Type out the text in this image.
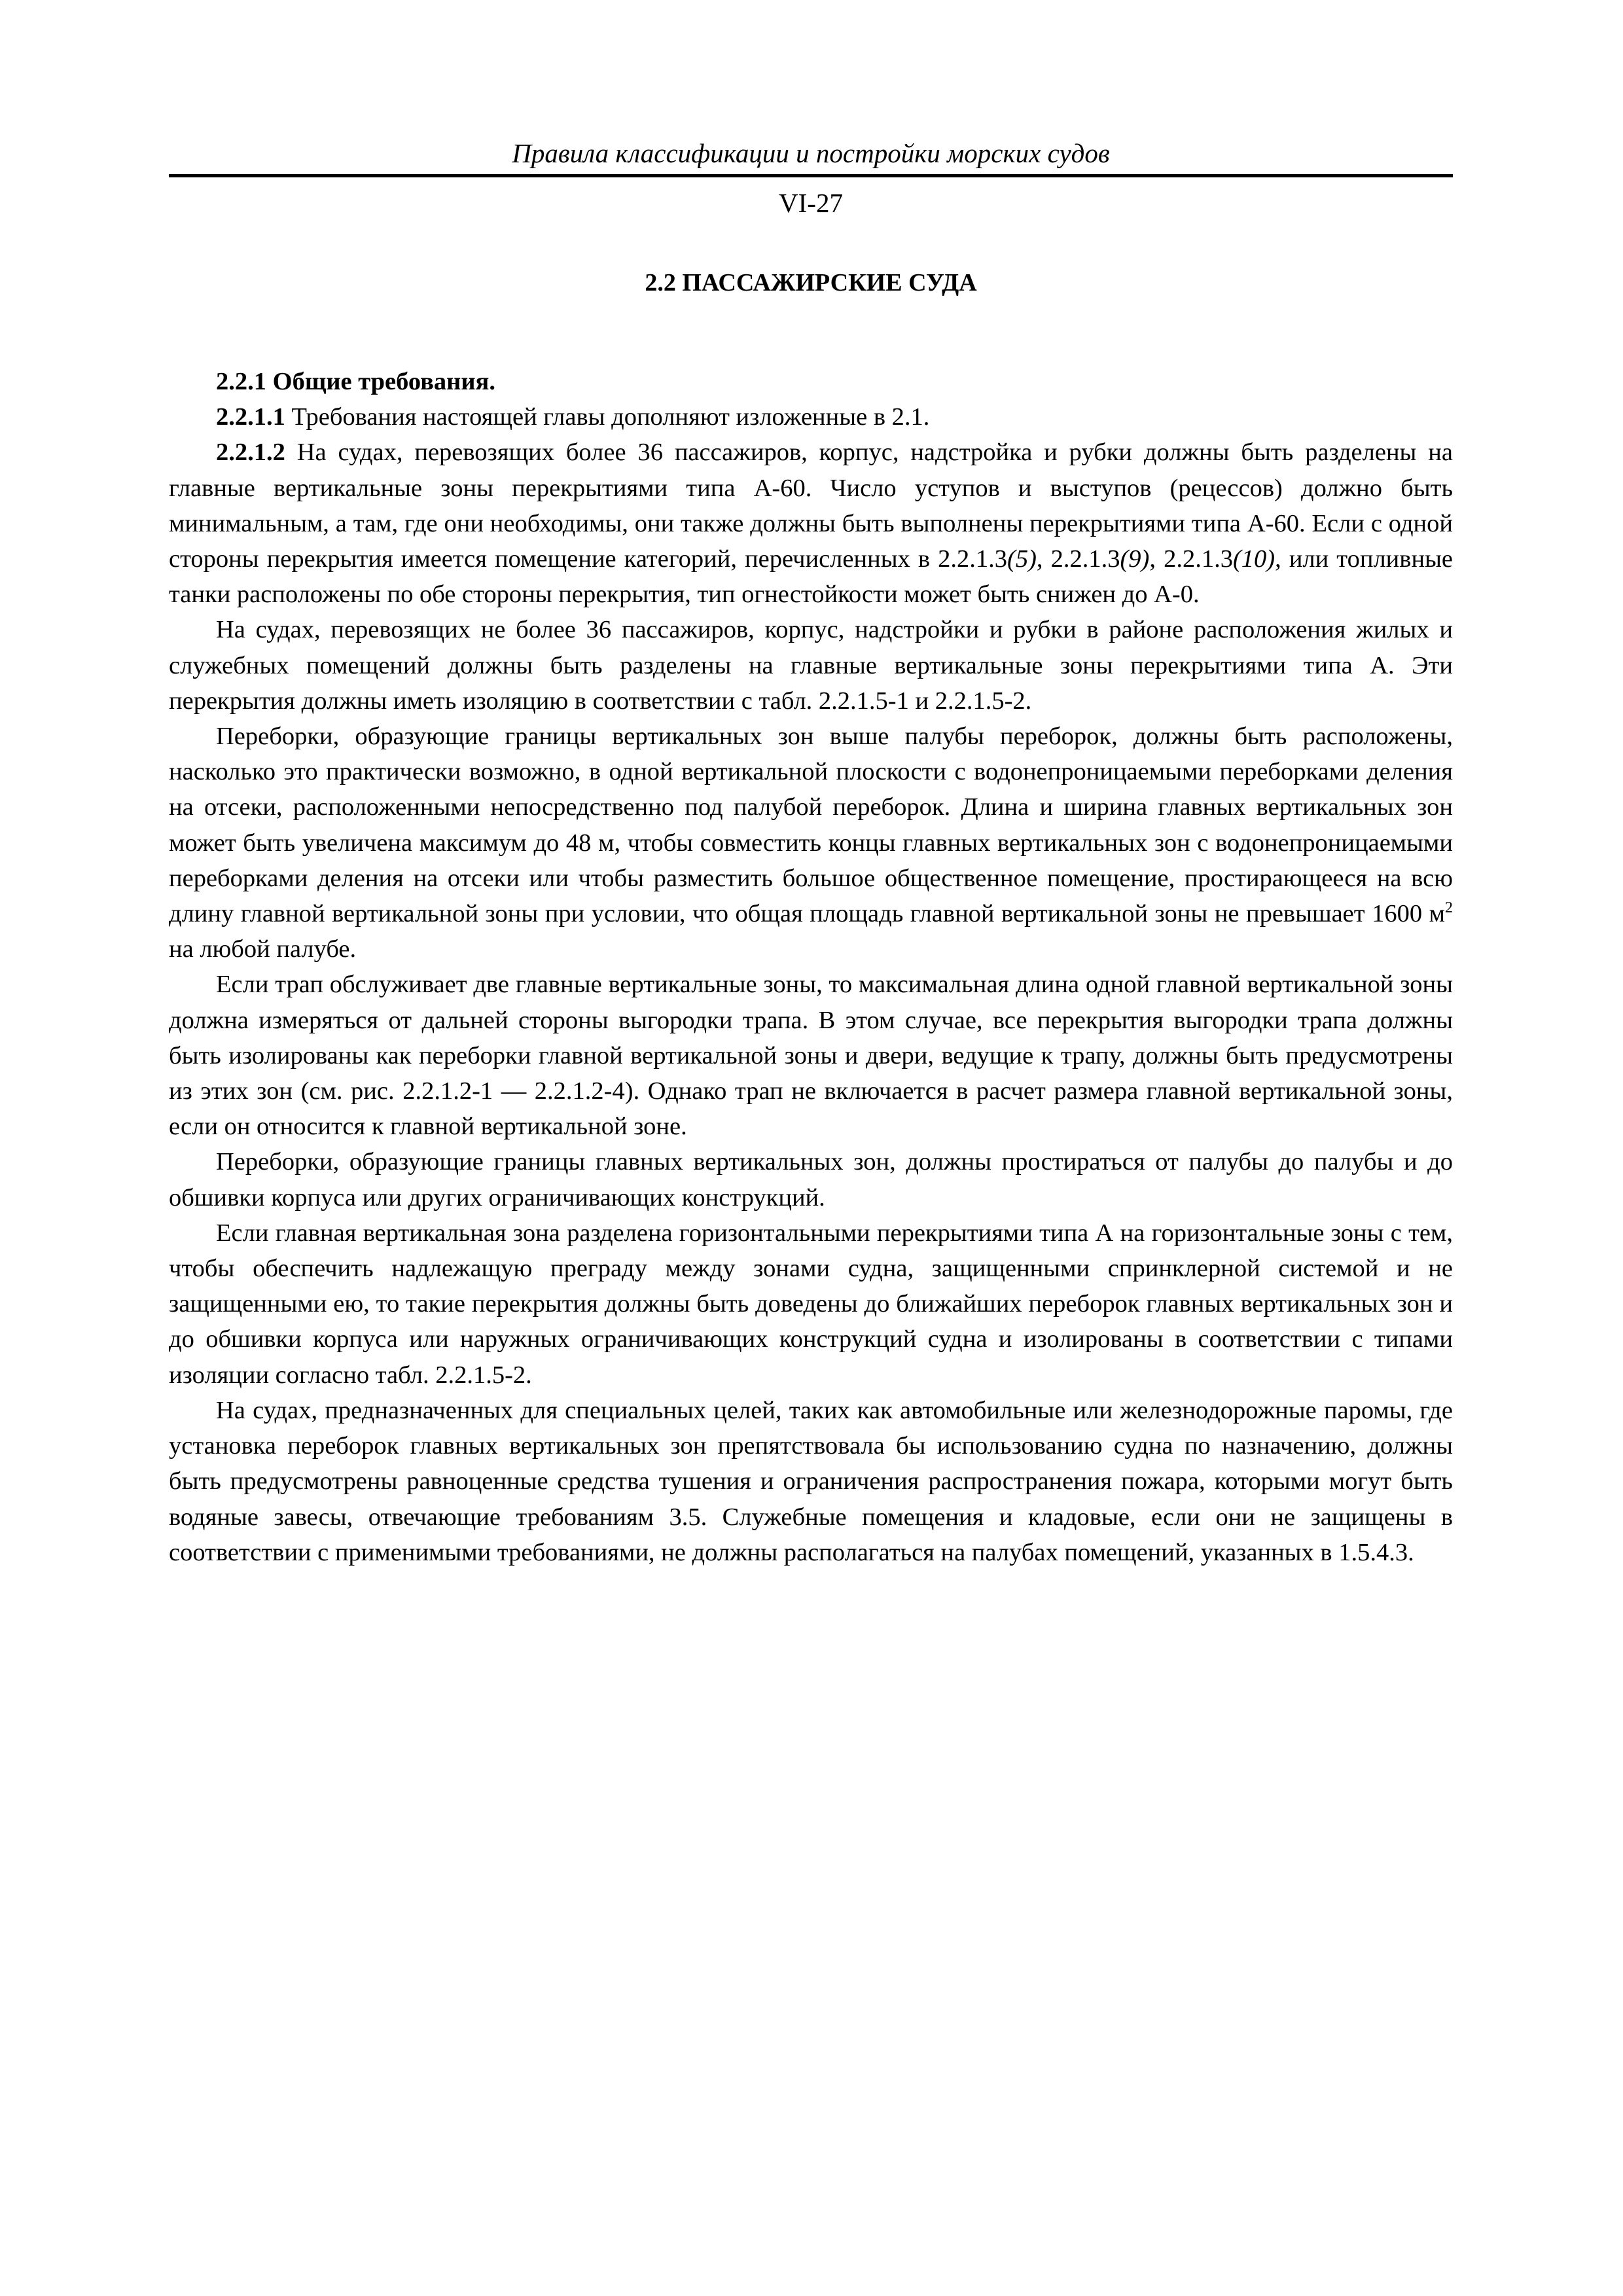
Правила классификации и постройки морских судов
VI-27
2.2 ПАССАЖИРСКИЕ СУДА

2.2.1 Общие требования.

2.2.1.1 Требования настоящей главы дополняют изложенные в 2.1.

2.2.1.2 На судах, перевозящих более 36 пассажиров, корпус, надстройка и рубки должны быть разделены на главные вертикальные зоны перекрытиями типа А-60. Число уступов и выступов (рецессов) должно быть минимальным, а там, где они необходимы, они также должны быть выполнены перекрытиями типа А-60. Если с одной стороны перекрытия имеется помещение категорий, перечисленных в 2.2.1.3(5), 2.2.1.3(9), 2.2.1.3(10), или топливные танки расположены по обе стороны перекрытия, тип огнестойкости может быть снижен до А-0.

На судах, перевозящих не более 36 пассажиров, корпус, надстройки и рубки в районе расположения жилых и служебных помещений должны быть разделены на главные вертикальные зоны перекрытиями типа А. Эти перекрытия должны иметь изоляцию в соответствии с табл. 2.2.1.5-1 и 2.2.1.5-2.

Переборки, образующие границы вертикальных зон выше палубы переборок, должны быть расположены, насколько это практически возможно, в одной вертикальной плоскости с водонепроницаемыми переборками деления на отсеки, расположенными непосредственно под палубой переборок. Длина и ширина главных вертикальных зон может быть увеличена максимум до 48 м, чтобы совместить концы главных вертикальных зон с водонепроницаемыми переборками деления на отсеки или чтобы разместить большое общественное помещение, простирающееся на всю длину главной вертикальной зоны при условии, что общая площадь главной вертикальной зоны не превышает 1600 $м^2$ на любой палубе.

Если трап обслуживает две главные вертикальные зоны, то максимальная длина одной главной вертикальной зоны должна измеряться от дальней стороны выгородки трапа. В этом случае, все перекрытия выгородки трапа должны быть изолированы как переборки главной вертикальной зоны и двери, ведущие к трапу, должны быть предусмотрены из этих зон (см. рис. 2.2.1.2-1 — 2.2.1.2-4). Однако трап не включается в расчет размера главной вертикальной зоны, если он относится к главной вертикальной зоне.

Переборки, образующие границы главных вертикальных зон, должны простираться от палубы до палубы и до обшивки корпуса или других ограничивающих конструкций.

Если главная вертикальная зона разделена горизонтальными перекрытиями типа А на горизонтальные зоны с тем, чтобы обеспечить надлежащую преграду между зонами судна, защищенными спринклерной системой и не защищенными ею, то такие перекрытия должны быть доведены до ближайших переборок главных вертикальных зон и до обшивки корпуса или наружных ограничивающих конструкций судна и изолированы в соответствии с типами изоляции согласно табл. 2.2.1.5-2.

На судах, предназначенных для специальных целей, таких как автомобильные или железнодорожные паромы, где установка переборок главных вертикальных зон препятствовала бы использованию судна по назначению, должны быть предусмотрены равноценные средства тушения и ограничения распространения пожара, которыми могут быть водяные завесы, отвечающие требованиям 3.5. Служебные помещения и кладовые, если они не защищены в соответствии с применимыми требованиями, не должны располагаться на палубах помещений, указанных в 1.5.4.3.
